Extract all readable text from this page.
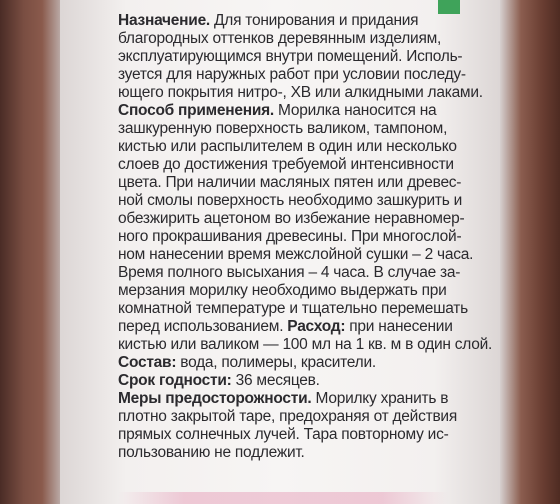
Назначение. Для тонирования и придания
благородных оттенков деревянным изделиям,
эксплуатирующимся внутри помещений. Исполь-
зуется для наружных работ при условии последу-
ющего покрытия нитро-, ХВ или алкидными лаками.
Способ применения. Морилка наносится на
зашкуренную поверхность валиком, тампоном,
кистью или распылителем в один или несколько
слоев до достижения требуемой интенсивности
цвета. При наличии масляных пятен или древес-
ной смолы поверхность необходимо зашкурить и
обезжирить ацетоном во избежание неравномер-
ного прокрашивания древесины. При многослой-
ном нанесении время межслойной сушки – 2 часа.
Время полного высыхания – 4 часа. В случае за-
мерзания морилку необходимо выдержать при
комнатной температуре и тщательно перемешать
перед использованием. Расход: при нанесении
кистью или валиком — 100 мл на 1 кв. м в один слой.
Состав: вода, полимеры, красители.
Срок годности: 36 месяцев.
Меры предосторожности. Морилку хранить в
плотно закрытой таре, предохраняя от действия
прямых солнечных лучей. Тара повторному ис-
пользованию не подлежит.
